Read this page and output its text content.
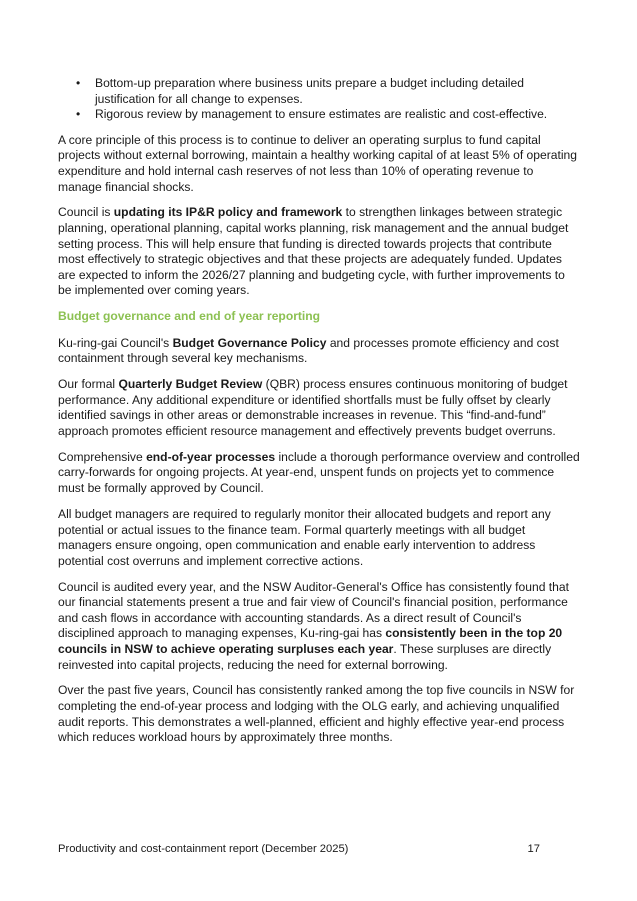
• Bottom-up preparation where business units prepare a budget including detailed justification for all change to expenses.
• Rigorous review by management to ensure estimates are realistic and cost-effective.

A core principle of this process is to continue to deliver an operating surplus to fund capital projects without external borrowing, maintain a healthy working capital of at least 5% of operating expenditure and hold internal cash reserves of not less than 10% of operating revenue to manage financial shocks.

Council is updating its IP&R policy and framework to strengthen linkages between strategic planning, operational planning, capital works planning, risk management and the annual budget setting process. This will help ensure that funding is directed towards projects that contribute most effectively to strategic objectives and that these projects are adequately funded. Updates are expected to inform the 2026/27 planning and budgeting cycle, with further improvements to be implemented over coming years.

Budget governance and end of year reporting

Ku-ring-gai Council's Budget Governance Policy and processes promote efficiency and cost containment through several key mechanisms.

Our formal Quarterly Budget Review (QBR) process ensures continuous monitoring of budget performance. Any additional expenditure or identified shortfalls must be fully offset by clearly identified savings in other areas or demonstrable increases in revenue. This “find-and-fund” approach promotes efficient resource management and effectively prevents budget overruns.

Comprehensive end-of-year processes include a thorough performance overview and controlled carry-forwards for ongoing projects. At year-end, unspent funds on projects yet to commence must be formally approved by Council.

All budget managers are required to regularly monitor their allocated budgets and report any potential or actual issues to the finance team. Formal quarterly meetings with all budget managers ensure ongoing, open communication and enable early intervention to address potential cost overruns and implement corrective actions.

Council is audited every year, and the NSW Auditor-General's Office has consistently found that our financial statements present a true and fair view of Council's financial position, performance and cash flows in accordance with accounting standards. As a direct result of Council's disciplined approach to managing expenses, Ku-ring-gai has consistently been in the top 20 councils in NSW to achieve operating surpluses each year. These surpluses are directly reinvested into capital projects, reducing the need for external borrowing.

Over the past five years, Council has consistently ranked among the top five councils in NSW for completing the end-of-year process and lodging with the OLG early, and achieving unqualified audit reports. This demonstrates a well-planned, efficient and highly effective year-end process which reduces workload hours by approximately three months.

Productivity and cost-containment report (December 2025)	17
